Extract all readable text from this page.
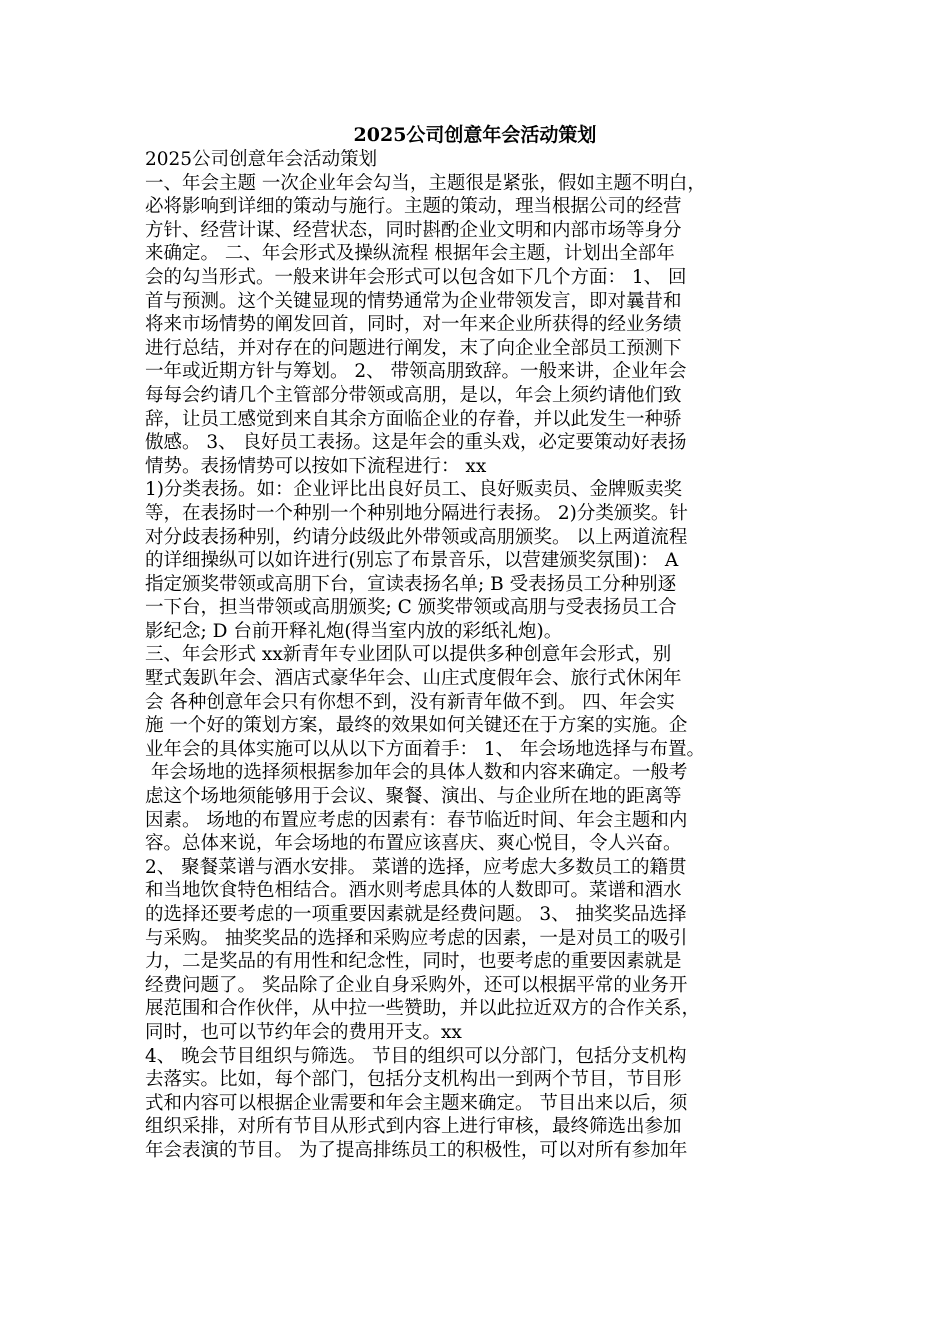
2025公司创意年会活动策划
2025公司创意年会活动策划
一、年会主题 一次企业年会勾当，主题很是紧张，假如主题不明白，
必将影响到详细的策动与施行。主题的策动，理当根据公司的经营
方针、经营计谋、经营状态，同时斟酌企业文明和内部市场等身分
来确定。 二、年会形式及操纵流程 根据年会主题，计划出全部年
会的勾当形式。一般来讲年会形式可以包含如下几个方面： 1、 回
首与预测。这个关键显现的情势通常为企业带领发言，即对曩昔和
将来市场情势的阐发回首，同时，对一年来企业所获得的经业务绩
进行总结，并对存在的问题进行阐发，末了向企业全部员工预测下
一年或近期方针与筹划。 2、 带领高朋致辞。一般来讲，企业年会
每每会约请几个主管部分带领或高朋，是以，年会上须约请他们致
辞，让员工感觉到来自其余方面临企业的存眷，并以此发生一种骄
傲感。 3、 良好员工表扬。这是年会的重头戏，必定要策动好表扬
情势。表扬情势可以按如下流程进行： xx
1)分类表扬。如：企业评比出良好员工、良好贩卖员、金牌贩卖奖
等，在表扬时一个种别一个种别地分隔进行表扬。 2)分类颁奖。针
对分歧表扬种别，约请分歧级此外带领或高朋颁奖。 以上两道流程
的详细操纵可以如许进行(别忘了布景音乐，以营建颁奖氛围)： A
指定颁奖带领或高朋下台，宣读表扬名单; B 受表扬员工分种别逐
一下台，担当带领或高朋颁奖; C 颁奖带领或高朋与受表扬员工合
影纪念; D 台前开释礼炮(得当室内放的彩纸礼炮)。
三、年会形式 xx新青年专业团队可以提供多种创意年会形式，别
墅式轰趴年会、酒店式豪华年会、山庄式度假年会、旅行式休闲年
会 各种创意年会只有你想不到，没有新青年做不到。 四、年会实
施 一个好的策划方案，最终的效果如何关键还在于方案的实施。企
业年会的具体实施可以从以下方面着手： 1、 年会场地选择与布置。
年会场地的选择须根据参加年会的具体人数和内容来确定。一般考
虑这个场地须能够用于会议、聚餐、演出、与企业所在地的距离等
因素。 场地的布置应考虑的因素有：春节临近时间、年会主题和内
容。总体来说，年会场地的布置应该喜庆、爽心悦目，令人兴奋。
2、 聚餐菜谱与酒水安排。 菜谱的选择，应考虑大多数员工的籍贯
和当地饮食特色相结合。酒水则考虑具体的人数即可。菜谱和酒水
的选择还要考虑的一项重要因素就是经费问题。 3、 抽奖奖品选择
与采购。 抽奖奖品的选择和采购应考虑的因素，一是对员工的吸引
力，二是奖品的有用性和纪念性，同时，也要考虑的重要因素就是
经费问题了。 奖品除了企业自身采购外，还可以根据平常的业务开
展范围和合作伙伴，从中拉一些赞助，并以此拉近双方的合作关系，
同时，也可以节约年会的费用开支。xx
4、 晚会节目组织与筛选。 节目的组织可以分部门，包括分支机构
去落实。比如，每个部门，包括分支机构出一到两个节目，节目形
式和内容可以根据企业需要和年会主题来确定。 节目出来以后，须
组织采排，对所有节目从形式到内容上进行审核，最终筛选出参加
年会表演的节目。 为了提高排练员工的积极性，可以对所有参加年
